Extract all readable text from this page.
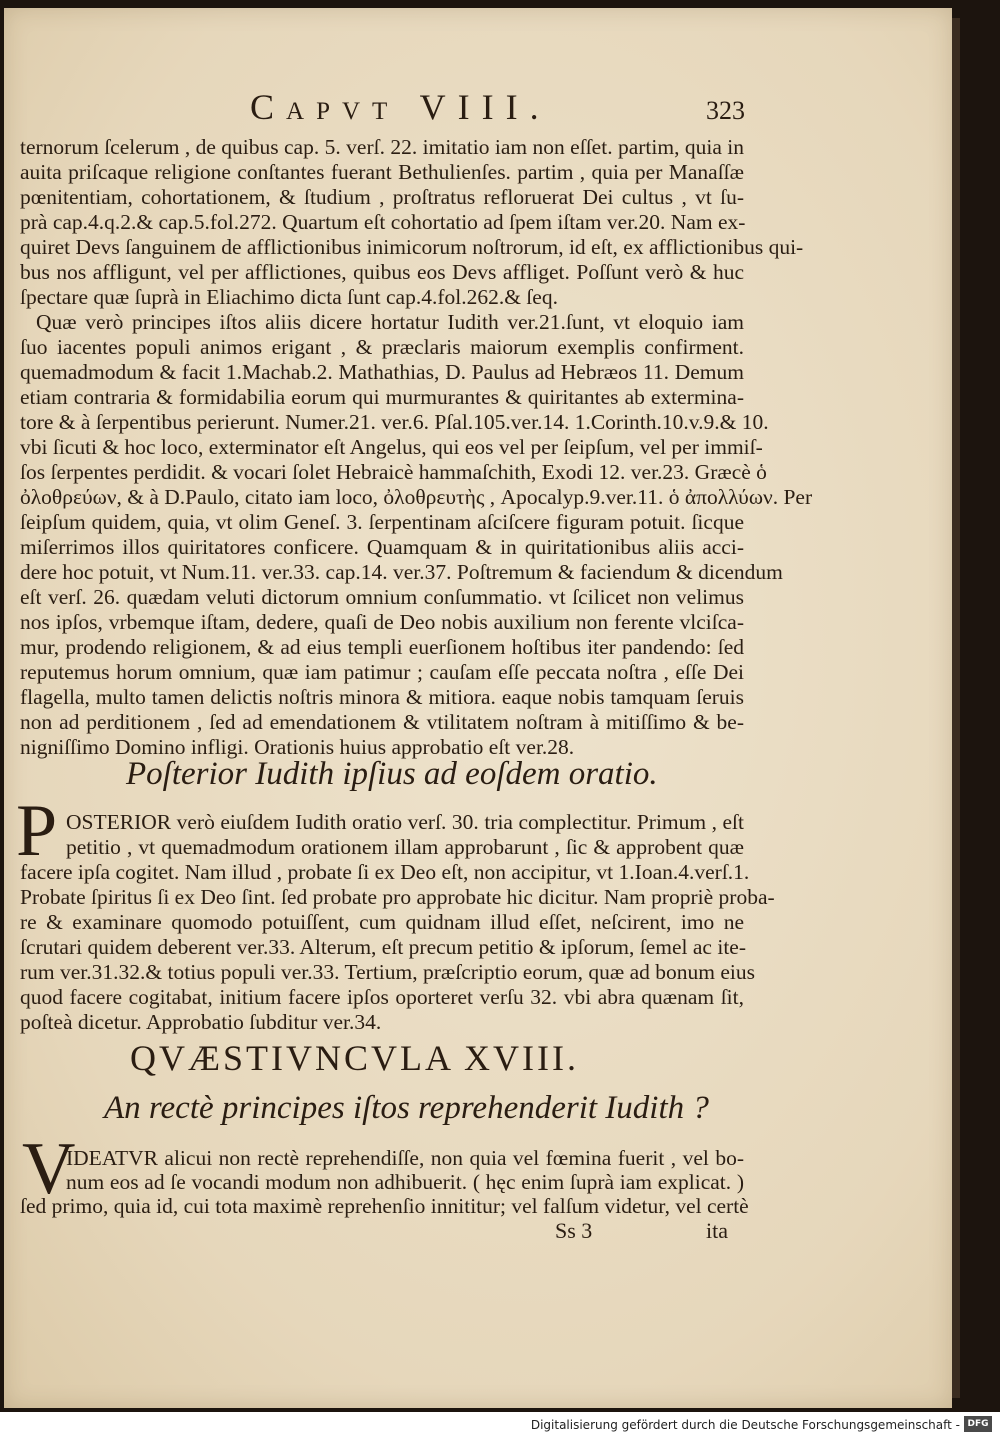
Capvt VIII.	323
ternorum ſcelerum , de quibus cap. 5. verſ. 22. imitatio iam non eſſet. partim, quia in
auita priſcaque religione conſtantes fuerant Bethulienſes. partim , quia per Manaſſæ
pœnitentiam, cohortationem, & ſtudium , proſtratus refloruerat Dei cultus , vt ſu-
prà cap.4.q.2.& cap.5.fol.272. Quartum eſt cohortatio ad ſpem iſtam ver.20. Nam ex-
quiret Devs ſanguinem de afflictionibus inimicorum noſtrorum, id eſt, ex afflictionibus qui-
bus nos affligunt, vel per afflictiones, quibus eos Devs affliget. Poſſunt verò & huc
ſpectare quæ ſuprà in Eliachimo dicta ſunt cap.4.fol.262.& ſeq.
Quæ verò principes iſtos aliis dicere hortatur Iudith ver.21.ſunt, vt eloquio iam
ſuo iacentes populi animos erigant , & præclaris maiorum exemplis confirment.
quemadmodum & facit 1.Machab.2. Mathathias, D. Paulus ad Hebræos 11. Demum
etiam contraria & formidabilia eorum qui murmurantes & quiritantes ab extermina-
tore & à ſerpentibus perierunt. Numer.21. ver.6. Pſal.105.ver.14. 1.Corinth.10.v.9.& 10.
vbi ſicuti & hoc loco, exterminator eſt Angelus, qui eos vel per ſeipſum, vel per immiſ-
ſos ſerpentes perdidit. & vocari ſolet Hebraicè hammaſchith, Exodi 12. ver.23. Græcè ὁ
ὀλοθρεύων, & à D.Paulo, citato iam loco, ὀλοθρευτὴς , Apocalyp.9.ver.11. ὁ ἀπολλύων. Per
ſeipſum quidem, quia, vt olim Geneſ. 3. ſerpentinam aſciſcere figuram potuit. ſicque
miſerrimos illos quiritatores conficere. Quamquam & in quiritationibus aliis acci-
dere hoc potuit, vt Num.11. ver.33. cap.14. ver.37. Poſtremum & faciendum & dicendum
eſt verſ. 26. quædam veluti dictorum omnium conſummatio. vt ſcilicet non velimus
nos ipſos, vrbemque iſtam, dedere, quaſi de Deo nobis auxilium non ferente vlciſca-
mur, prodendo religionem, & ad eius templi euerſionem hoſtibus iter pandendo: ſed
reputemus horum omnium, quæ iam patimur ; cauſam eſſe peccata noſtra , eſſe Dei
flagella, multo tamen delictis noſtris minora & mitiora. eaque nobis tamquam ſeruis
non ad perditionem , ſed ad emendationem & vtilitatem noſtram à mitiſſimo & be-
nigniſſimo Domino infligi. Orationis huius approbatio eſt ver.28.
Poſterior Iudith ipſius ad eoſdem oratio.
P OSTERIOR verò eiuſdem Iudith oratio verſ. 30. tria complectitur. Primum , eſt
petitio , vt quemadmodum orationem illam approbarunt , ſic & approbent quæ
facere ipſa cogitet. Nam illud , probate ſi ex Deo eſt, non accipitur, vt 1.Ioan.4.verſ.1.
Probate ſpiritus ſi ex Deo ſint. ſed probate pro approbate hic dicitur. Nam propriè proba-
re & examinare quomodo potuiſſent, cum quidnam illud eſſet, neſcirent, imo ne
ſcrutari quidem deberent ver.33. Alterum, eſt precum petitio & ipſorum, ſemel ac ite-
rum ver.31.32.& totius populi ver.33. Tertium, præſcriptio eorum, quæ ad bonum eius
quod facere cogitabat, initium facere ipſos oporteret verſu 32. vbi abra quænam ſit,
poſteà dicetur. Approbatio ſubditur ver.34.
QVÆSTIVNCVLA XVIII.
An rectè principes iſtos reprehenderit Iudith ?
V
IDEATVR alicui non rectè reprehendiſſe, non quia vel fœmina fuerit , vel bo-
num eos ad ſe vocandi modum non adhibuerit. ( hęc enim ſuprà iam explicat. )
ſed primo, quia id, cui tota maximè reprehenſio innititur; vel falſum videtur, vel certè
Ss 3	ita
Digitalisierung gefördert durch die Deutsche Forschungsgemeinschaft - DFG
